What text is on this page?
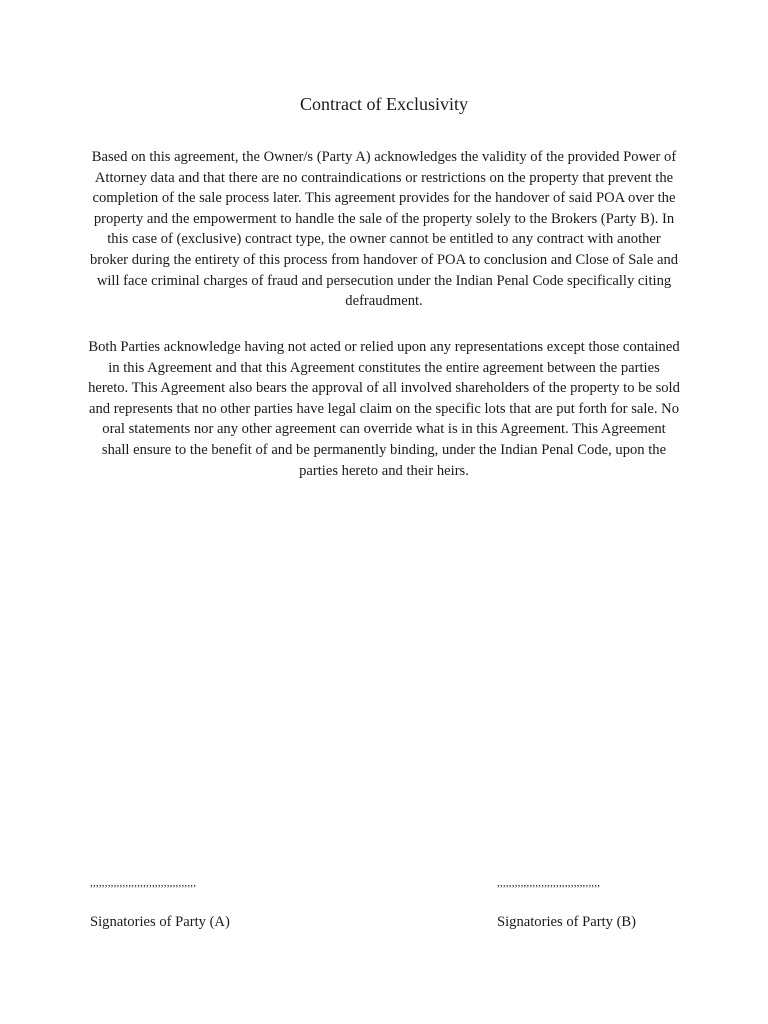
Contract of Exclusivity

Based on this agreement, the Owner/s (Party A) acknowledges the validity of the provided Power of Attorney data and that there are no contraindications or restrictions on the property that prevent the completion of the sale process later. This agreement provides for the handover of said POA over the property and the empowerment to handle the sale of the property solely to the Brokers (Party B). In this case of (exclusive) contract type, the owner cannot be entitled to any contract with another broker during the entirety of this process from handover of POA to conclusion and Close of Sale and will face criminal charges of fraud and persecution under the Indian Penal Code specifically citing defraudment.

Both Parties acknowledge having not acted or relied upon any representations except those contained in this Agreement and that this Agreement constitutes the entire agreement between the parties hereto. This Agreement also bears the approval of all involved shareholders of the property to be sold and represents that no other parties have legal claim on the specific lots that are put forth for sale. No oral statements nor any other agreement can override what is in this Agreement. This Agreement shall ensure to the benefit of and be permanently binding, under the Indian Penal Code, upon the parties hereto and their heirs.

,,,,,,,,,,,,,,,,,,,,,,,,,,,,,,,,,,,,
Signatories of Party (A)
,,,,,,,,,,,,,,,,,,,,,,,,,,,,,,,,,,,
Signatories of Party (B)
